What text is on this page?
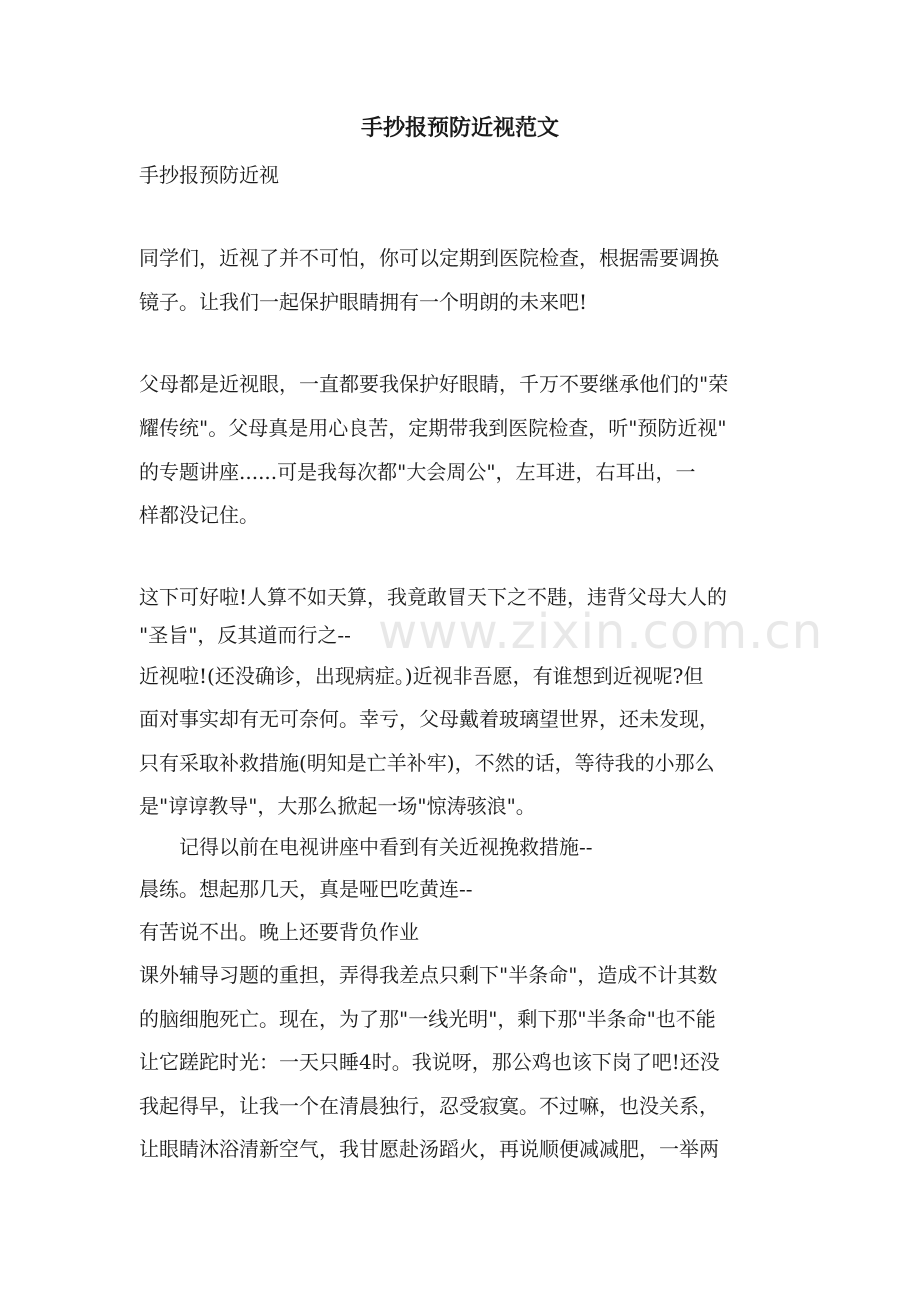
手抄报预防近视范文

手抄报预防近视

同学们，近视了并不可怕，你可以定期到医院检查，根据需要调换

镜子。让我们一起保护眼睛拥有一个明朗的未来吧!

父母都是近视眼，一直都要我保护好眼睛，千万不要继承他们的"荣

耀传统"。父母真是用心良苦，定期带我到医院检查，听"预防近视"

的专题讲座......可是我每次都"大会周公"，左耳进，右耳出，一

样都没记住。

这下可好啦!人算不如天算，我竟敢冒天下之不韪，违背父母大人的

"圣旨"，反其道而行之--

近视啦!(还没确诊，出现病症。)近视非吾愿，有谁想到近视呢?但

面对事实却有无可奈何。幸亏，父母戴着玻璃望世界，还未发现，

只有采取补救措施(明知是亡羊补牢)，不然的话，等待我的小那么

是"谆谆教导"，大那么掀起一场"惊涛骇浪"。

　　记得以前在电视讲座中看到有关近视挽救措施--

晨练。想起那几天，真是哑巴吃黄连--

有苦说不出。晚上还要背负作业

课外辅导习题的重担，弄得我差点只剩下"半条命"，造成不计其数

的脑细胞死亡。现在，为了那"一线光明"，剩下那"半条命"也不能

让它蹉跎时光：一天只睡4时。我说呀，那公鸡也该下岗了吧!还没

我起得早，让我一个在清晨独行，忍受寂寞。不过嘛，也没关系，

让眼睛沐浴清新空气，我甘愿赴汤蹈火，再说顺便减减肥，一举两

www.zixin.com.cn
